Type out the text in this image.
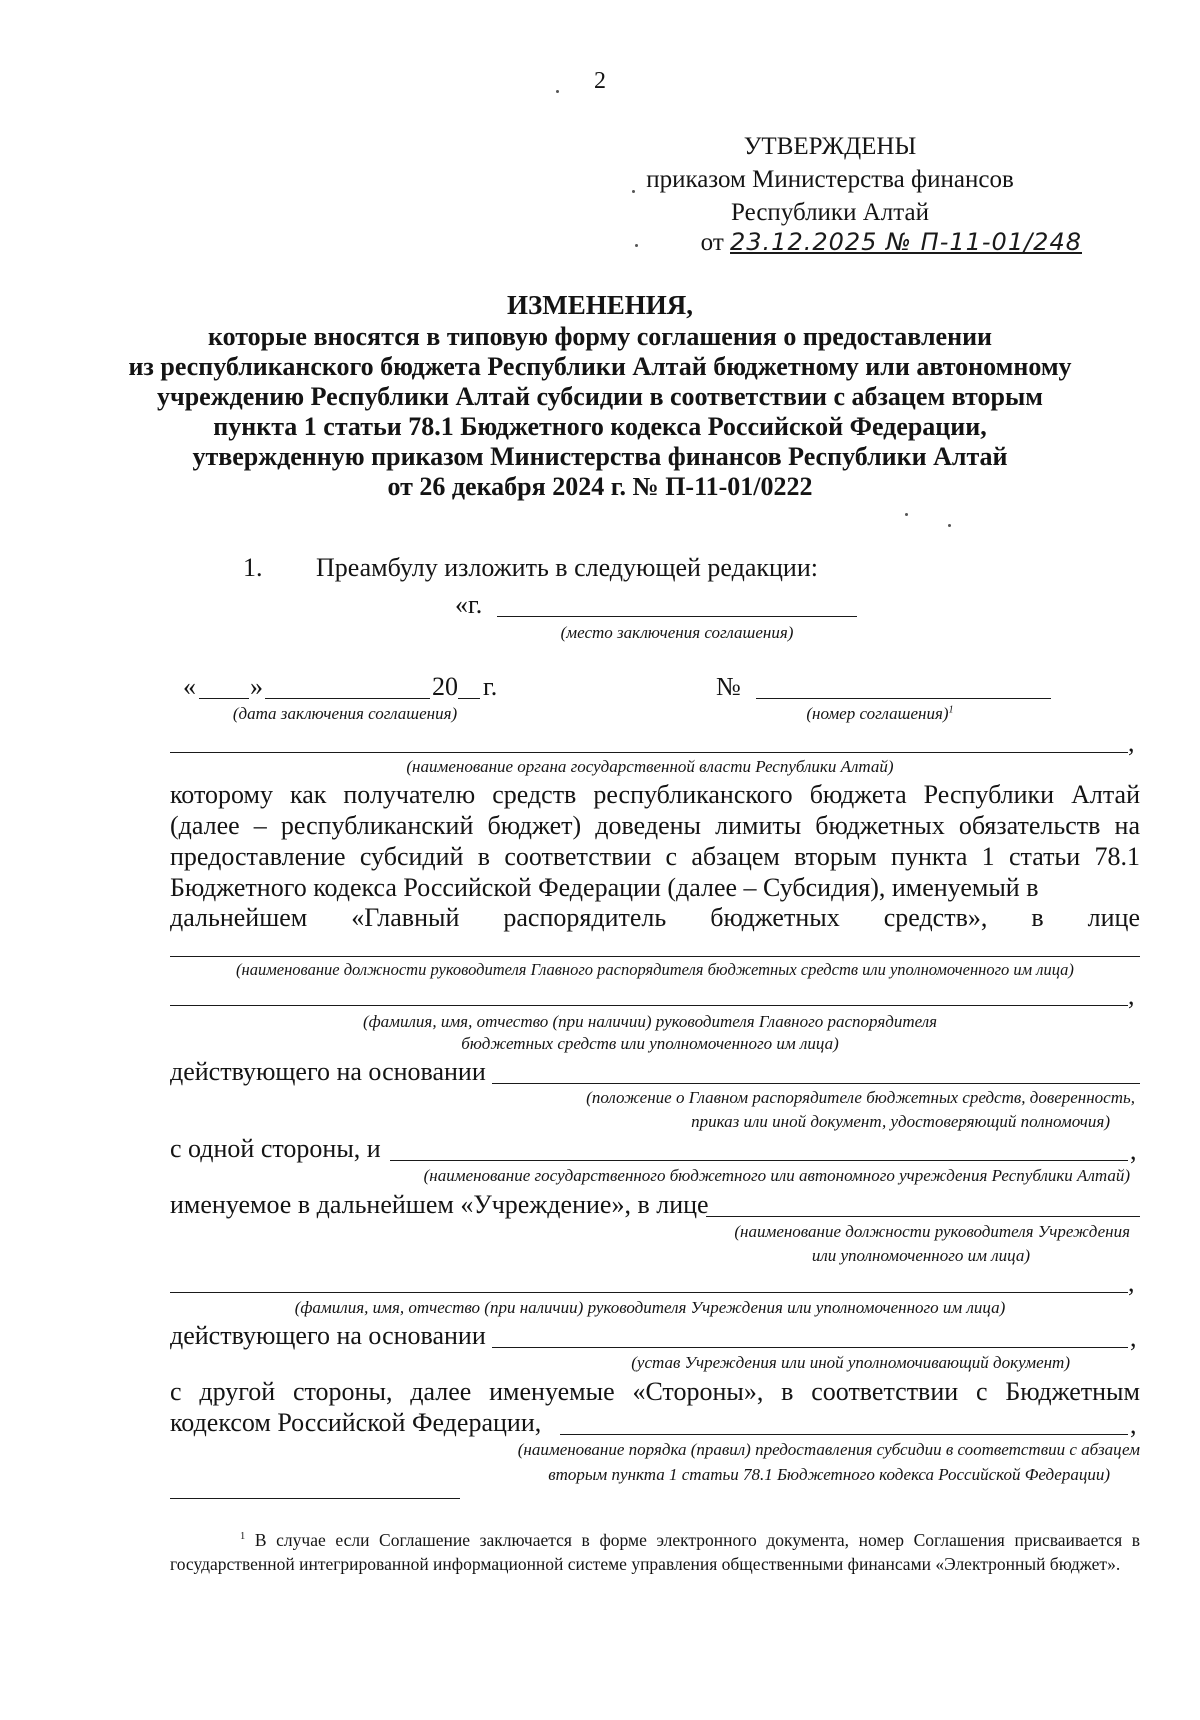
2
УТВЕРЖДЕНЫ
приказом Министерства финансов
Республики Алтай
от 23.12.2025 № П-11-01/248
ИЗМЕНЕНИЯ,
которые вносятся в типовую форму соглашения о предоставлении
из республиканского бюджета Республики Алтай бюджетному или автономному
учреждению Республики Алтай субсидии в соответствии с абзацем вторым
пункта 1 статьи 78.1 Бюджетного кодекса Российской Федерации,
утвержденную приказом Министерства финансов Республики Алтай
от 26 декабря 2024 г. № П-11-01/0222
1. Преамбулу изложить в следующей редакции:
«г.
(место заключения соглашения)
« »	20 г.	№
(дата заключения соглашения)	(номер соглашения)$^1$
,
(наименование органа государственной власти Республики Алтай)
которому как получателю средств республиканского бюджета Республики Алтай (далее – республиканский бюджет) доведены лимиты бюджетных обязательств на предоставление субсидий в соответствии с абзацем вторым пункта 1 статьи 78.1 Бюджетного кодекса Российской Федерации (далее – Субсидия), именуемый в
дальнейшем «Главный распорядитель бюджетных средств», в лице
(наименование должности руководителя Главного распорядителя бюджетных средств или уполномоченного им лица)
,
(фамилия, имя, отчество (при наличии) руководителя Главного распорядителя
бюджетных средств или уполномоченного им лица)
действующего на основании
(положение о Главном распорядителе бюджетных средств, доверенность,
приказ или иной документ, удостоверяющий полномочия)
с одной стороны, и	,
(наименование государственного бюджетного или автономного учреждения Республики Алтай)
именуемое в дальнейшем «Учреждение», в лице
(наименование должности руководителя Учреждения
или уполномоченного им лица)
,
(фамилия, имя, отчество (при наличии) руководителя Учреждения или уполномоченного им лица)
действующего на основании	,
(устав Учреждения или иной уполномочивающий документ)
с другой стороны, далее именуемые «Стороны», в соответствии с Бюджетным
кодексом Российской Федерации,	,
(наименование порядка (правил) предоставления субсидии в соответствии с абзацем
вторым пункта 1 статьи 78.1 Бюджетного кодекса Российской Федерации)
$^1$ В случае если Соглашение заключается в форме электронного документа, номер Соглашения присваивается в государственной интегрированной информационной системе управления общественными финансами «Электронный бюджет».
